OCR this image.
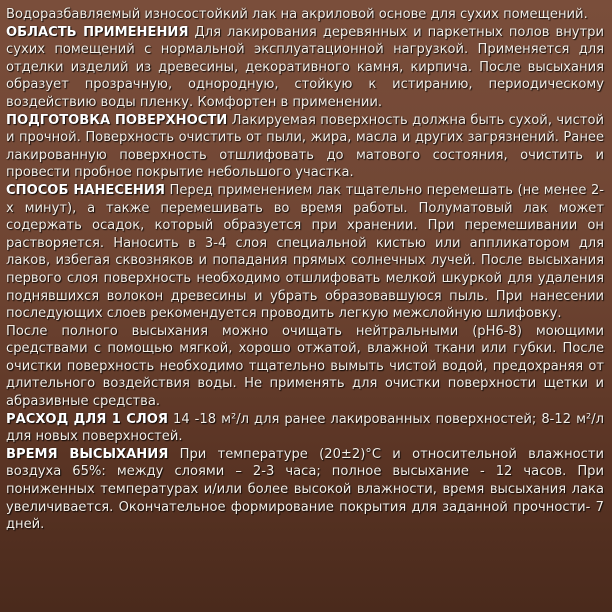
Водоразбавляемый износостойкий лак на акриловой основе для сухих помещений.

ОБЛАСТЬ ПРИМЕНЕНИЯ Для лакирования деревянных и паркетных полов внутри сухих помещений с нормальной эксплуатационной нагрузкой. Применяется для отделки изделий из древесины, декоративного камня, кирпича. После высыхания образует прозрачную, однородную, стойкую к истиранию, периодическому воздействию воды пленку. Комфортен в применении.

ПОДГОТОВКА ПОВЕРХНОСТИ Лакируемая поверхность должна быть сухой, чистой и прочной. Поверхность очистить от пыли, жира, масла и других загрязнений. Ранее лакированную поверхность отшлифовать до матового состояния, очистить и провести пробное покрытие небольшого участка.

СПОСОБ НАНЕСЕНИЯ Перед применением лак тщательно перемешать (не менее 2-х минут), а также перемешивать во время работы. Полуматовый лак может содержать осадок, который образуется при хранении. При перемешивании он растворяется. Наносить в 3-4 слоя специальной кистью или аппликатором для лаков, избегая сквозняков и попадания прямых солнечных лучей. После высыхания первого слоя поверхность необходимо отшлифовать мелкой шкуркой для удаления поднявшихся волокон древесины и убрать образовавшуюся пыль. При нанесении последующих слоев рекомендуется проводить легкую межслойную шлифовку.

После полного высыхания можно очищать нейтральными (pH6-8) моющими средствами с помощью мягкой, хорошо отжатой, влажной ткани или губки. После очистки поверхность необходимо тщательно вымыть чистой водой, предохраняя от длительного воздействия воды. Не применять для очистки поверхности щетки и абразивные средства.

РАСХОД ДЛЯ 1 СЛОЯ 14 -18 м²/л для ранее лакированных поверхностей; 8-12 м²/л для новых поверхностей.

ВРЕМЯ ВЫСЫХАНИЯ При температуре (20±2)°С и относительной влажности воздуха 65%: между слоями – 2-3 часа; полное высыхание - 12 часов. При пониженных температурах и/или более высокой влажности, время высыхания лака увеличивается. Окончательное формирование покрытия для заданной прочности- 7 дней.
